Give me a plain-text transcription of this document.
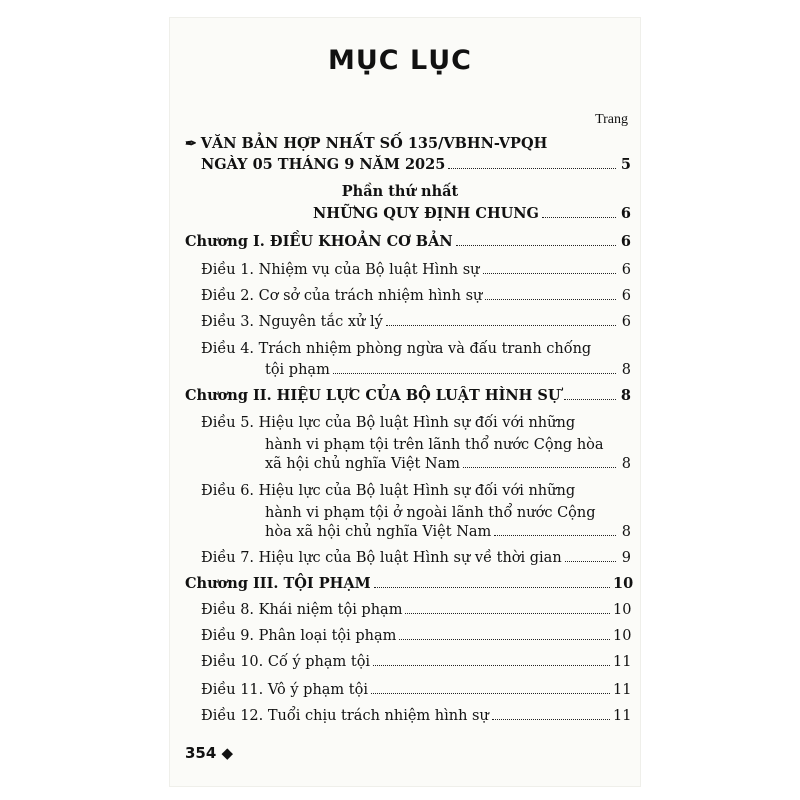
MỤC LỤC
Trang
✒ VĂN BẢN HỢP NHẤT SỐ 135/VBHN-VPQH
NGÀY 05 THÁNG 9 NĂM 2025	5
Phần thứ nhất
NHỮNG QUY ĐỊNH CHUNG	6
Chương I. ĐIỀU KHOẢN CƠ BẢN	6
Điều 1. Nhiệm vụ của Bộ luật Hình sự	6
Điều 2. Cơ sở của trách nhiệm hình sự	6
Điều 3. Nguyên tắc xử lý	6
Điều 4. Trách nhiệm phòng ngừa và đấu tranh chống
tội phạm	8
Chương II. HIỆU LỰC CỦA BỘ LUẬT HÌNH SỰ	8
Điều 5. Hiệu lực của Bộ luật Hình sự đối với những
hành vi phạm tội trên lãnh thổ nước Cộng hòa
xã hội chủ nghĩa Việt Nam	8
Điều 6. Hiệu lực của Bộ luật Hình sự đối với những
hành vi phạm tội ở ngoài lãnh thổ nước Cộng
hòa xã hội chủ nghĩa Việt Nam	8
Điều 7. Hiệu lực của Bộ luật Hình sự về thời gian	9
Chương III. TỘI PHẠM	10
Điều 8. Khái niệm tội phạm	10
Điều 9. Phân loại tội phạm	10
Điều 10. Cố ý phạm tội	11
Điều 11. Vô ý phạm tội	11
Điều 12. Tuổi chịu trách nhiệm hình sự	11
354 ◆
